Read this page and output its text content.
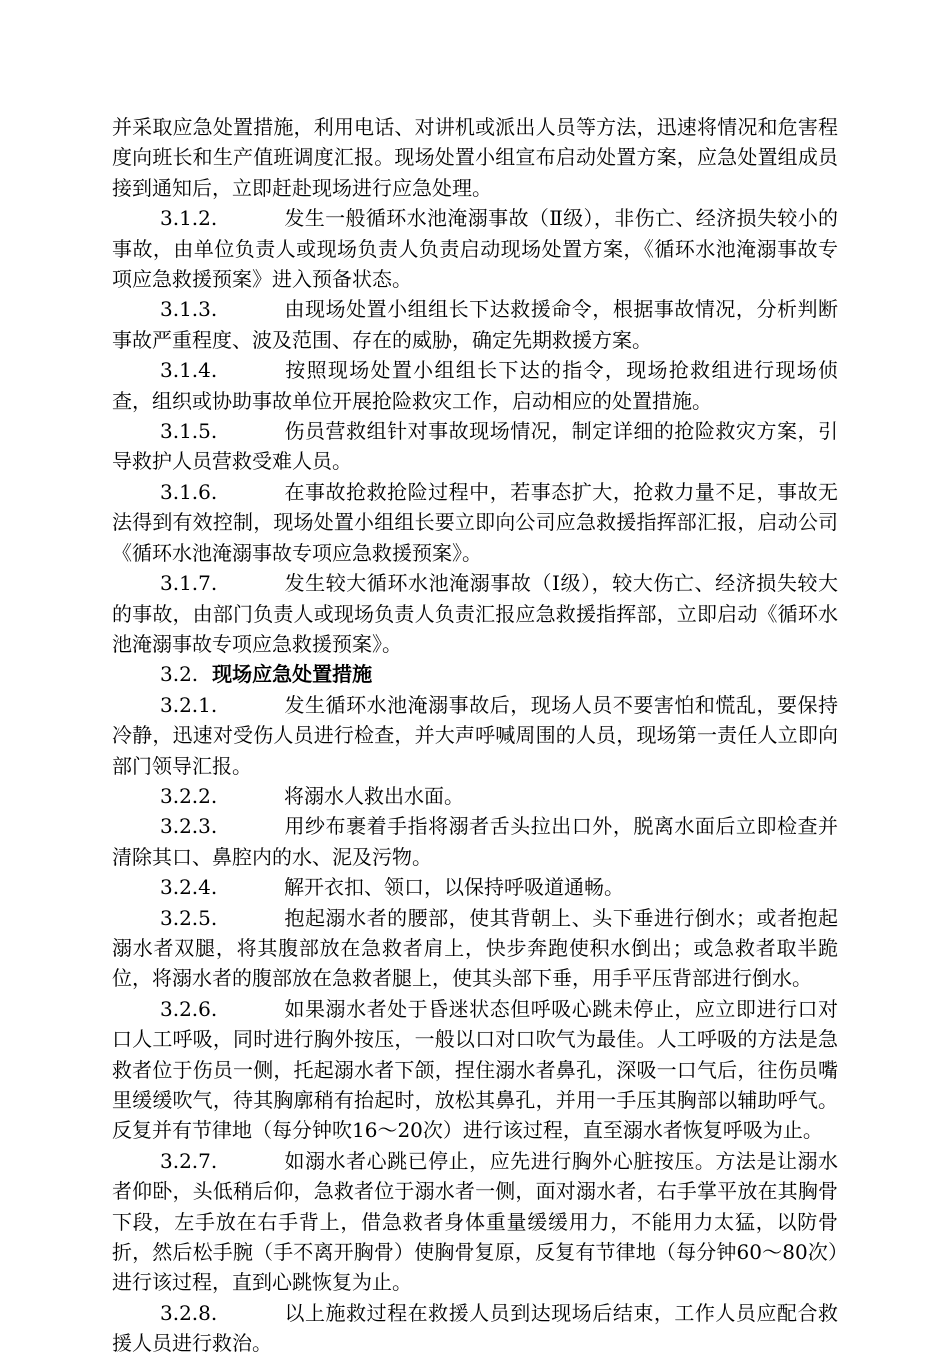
并采取应急处置措施，利用电话、对讲机或派出人员等方法，迅速将情况和危害程度向班长和生产值班调度汇报。现场处置小组宣布启动处置方案，应急处置组成员接到通知后，立即赶赴现场进行应急处理。

3.1.2.	发生一般循环水池淹溺事故（Ⅱ级），非伤亡、经济损失较小的事故，由单位负责人或现场负责人负责启动现场处置方案，《循环水池淹溺事故专项应急救援预案》进入预备状态。

3.1.3.	由现场处置小组组长下达救援命令，根据事故情况，分析判断事故严重程度、波及范围、存在的威胁，确定先期救援方案。

3.1.4.	按照现场处置小组组长下达的指令，现场抢救组进行现场侦查，组织或协助事故单位开展抢险救灾工作，启动相应的处置措施。

3.1.5.	伤员营救组针对事故现场情况，制定详细的抢险救灾方案，引导救护人员营救受难人员。

3.1.6.	在事故抢救抢险过程中，若事态扩大，抢救力量不足，事故无法得到有效控制，现场处置小组组长要立即向公司应急救援指挥部汇报，启动公司《循环水池淹溺事故专项应急救援预案》。

3.1.7.	发生较大循环水池淹溺事故（Ⅰ级），较大伤亡、经济损失较大的事故，由部门负责人或现场负责人负责汇报应急救援指挥部，立即启动《循环水池淹溺事故专项应急救援预案》。

3.2. 现场应急处置措施

3.2.1.	发生循环水池淹溺事故后，现场人员不要害怕和慌乱，要保持冷静，迅速对受伤人员进行检查，并大声呼喊周围的人员，现场第一责任人立即向部门领导汇报。

3.2.2.	将溺水人救出水面。

3.2.3.	用纱布裹着手指将溺者舌头拉出口外，脱离水面后立即检查并清除其口、鼻腔内的水、泥及污物。

3.2.4.	解开衣扣、领口，以保持呼吸道通畅。

3.2.5.	抱起溺水者的腰部，使其背朝上、头下垂进行倒水；或者抱起溺水者双腿，将其腹部放在急救者肩上，快步奔跑使积水倒出；或急救者取半跪位，将溺水者的腹部放在急救者腿上，使其头部下垂，用手平压背部进行倒水。

3.2.6.	如果溺水者处于昏迷状态但呼吸心跳未停止，应立即进行口对口人工呼吸，同时进行胸外按压，一般以口对口吹气为最佳。人工呼吸的方法是急救者位于伤员一侧，托起溺水者下颌，捏住溺水者鼻孔，深吸一口气后，往伤员嘴里缓缓吹气，待其胸廓稍有抬起时，放松其鼻孔，并用一手压其胸部以辅助呼气。反复并有节律地（每分钟吹16～20次）进行该过程，直至溺水者恢复呼吸为止。

3.2.7.	如溺水者心跳已停止，应先进行胸外心脏按压。方法是让溺水者仰卧，头低稍后仰，急救者位于溺水者一侧，面对溺水者，右手掌平放在其胸骨下段，左手放在右手背上，借急救者身体重量缓缓用力，不能用力太猛，以防骨折，然后松手腕（手不离开胸骨）使胸骨复原，反复有节律地（每分钟60～80次）进行该过程，直到心跳恢复为止。

3.2.8.	以上施救过程在救援人员到达现场后结束，工作人员应配合救援人员进行救治。
